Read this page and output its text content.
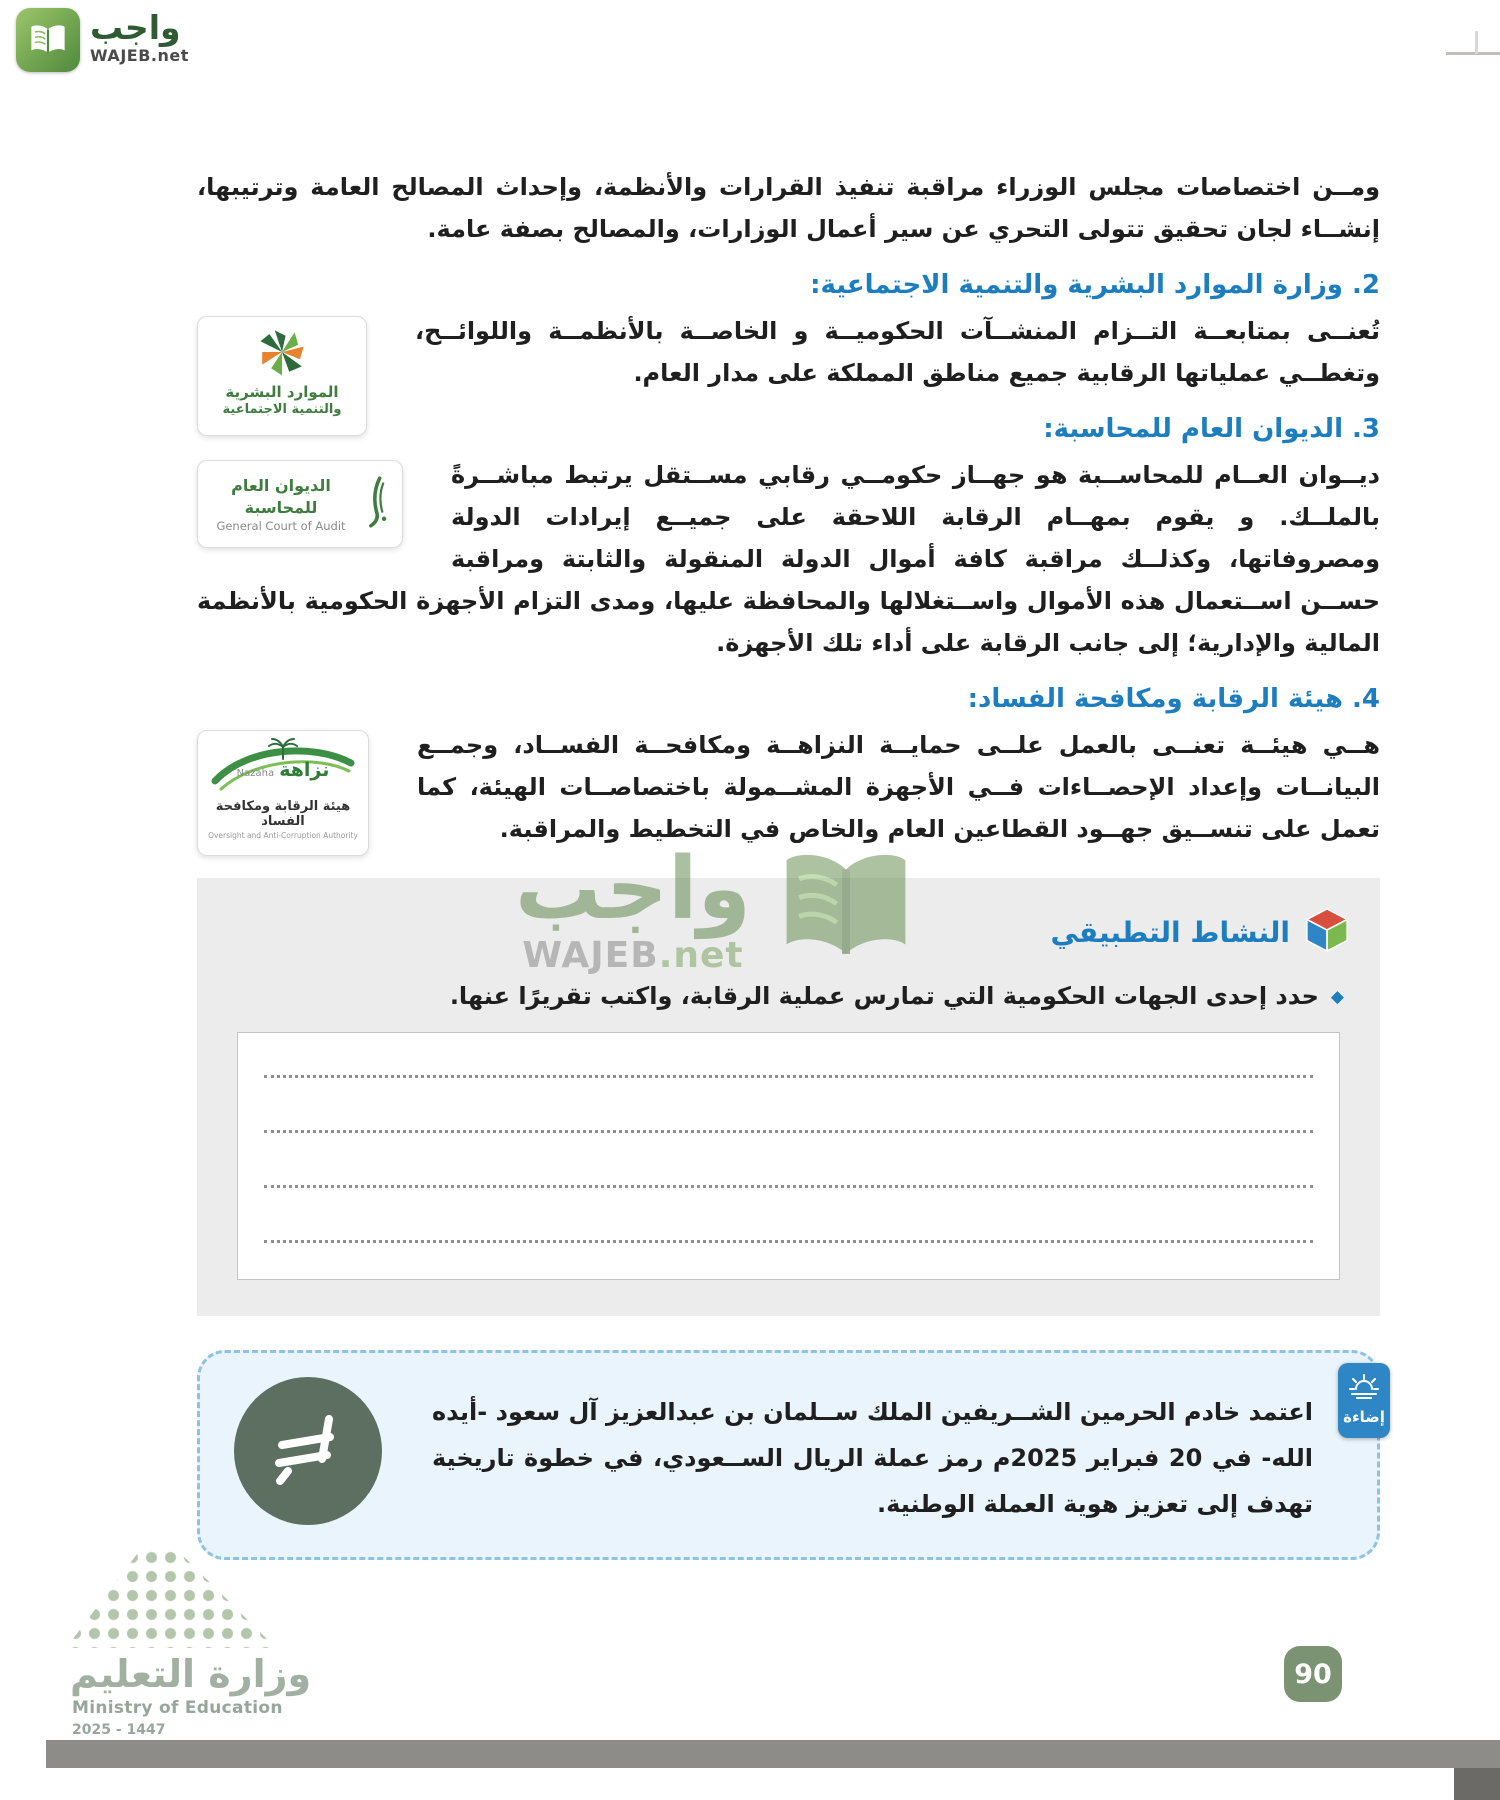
واجب
WAJEB.net

ومــن اختصاصات مجلس الوزراء مراقبة تنفيذ القرارات والأنظمة، وإحداث المصالح العامة وترتيبها، إنشــاء لجان تحقيق تتولى التحري عن سير أعمال الوزارات، والمصالح بصفة عامة.

2. وزارة الموارد البشرية والتنمية الاجتماعية:
الموارد البشرية
والتنمية الاجتماعية

تُعنــى بمتابعــة التــزام المنشــآت الحكوميــة و الخاصــة بالأنظمــة واللوائــح، وتغطــي عملياتها الرقابية جميع مناطق المملكة على مدار العام.

3. الديوان العام للمحاسبة:
الديوان العام للمحاسبة
General Court of Audit

ديــوان العــام للمحاســبة هو جهــاز حكومــي رقابي مســتقل يرتبط مباشــرةً بالملــك. و يقوم بمهــام الرقابة اللاحقة على جميــع إيرادات الدولة ومصروفاتها، وكذلــك مراقبة كافة أموال الدولة المنقولة والثابتة ومراقبة حســن اســتعمال هذه الأموال واســتغلالها والمحافظة عليها، ومدى التزام الأجهزة الحكومية بالأنظمة المالية والإدارية؛ إلى جانب الرقابة على أداء تلك الأجهزة.

4. هيئة الرقابة ومكافحة الفساد:
نزاهة Nazaha
هيئة الرقابة ومكافحة الفساد
Oversight and Anti-Corruption Authority

هــي هيئــة تعنــى بالعمل علــى حمايــة النزاهــة ومكافحــة الفســاد، وجمــع البيانــات وإعداد الإحصــاءات فــي الأجهزة المشــمولة باختصاصــات الهيئة، كما تعمل على تنســيق جهــود القطاعين العام والخاص في التخطيط والمراقبة.

النشاط التطبيقي
◆
حدد إحدى الجهات الحكومية التي تمارس عملية الرقابة، واكتب تقريرًا عنها.
إضاءة

اعتمد خادم الحرمين الشــريفين الملك ســلمان بن عبدالعزيز آل سعود -أيده الله- في 20 فبراير 2025م رمز عملة الريال الســعودي، في خطوة تاريخية تهدف إلى تعزيز هوية العملة الوطنية.

واجب
WAJEB.net
وزارة التعليم
Ministry of Education
2025 - 1447
90
